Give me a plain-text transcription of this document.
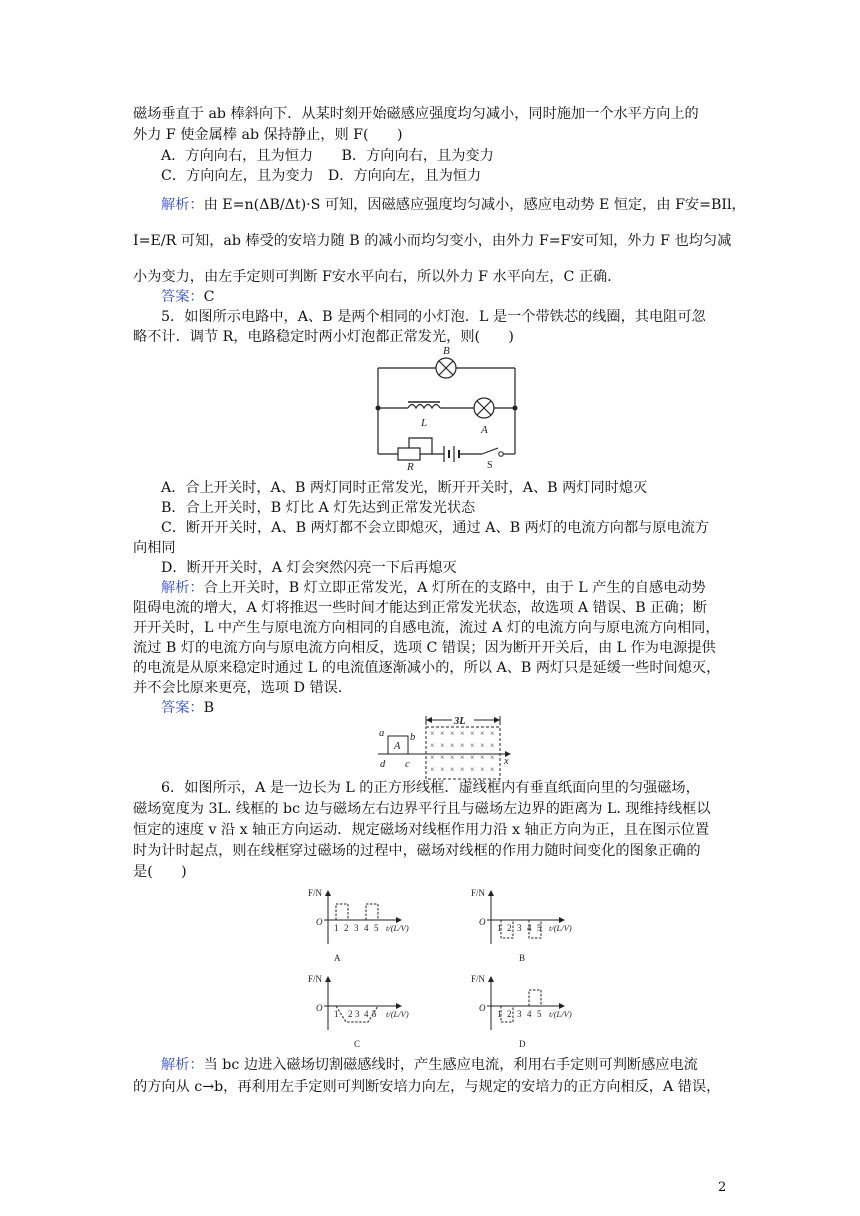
磁场垂直于 ab 棒斜向下．从某时刻开始磁感应强度均匀减小，同时施加一个水平方向上的
外力 F 使金属棒 ab 保持静止，则 F(　　)
A．方向向右，且为恒力　　B．方向向右，且为变力
C．方向向左，且为变力　D．方向向左，且为恒力
解析：由 E=n(ΔB/Δt)·S 可知，因磁感应强度均匀减小，感应电动势 E 恒定，由 F安=BIl，
I=E/R 可知，ab 棒受的安培力随 B 的减小而均匀变小，由外力 F=F安可知，外力 F 也均匀减
小为变力，由左手定则可判断 F安水平向右，所以外力 F 水平向左，C 正确．
答案：C
5．如图所示电路中，A、B 是两个相同的小灯泡．L 是一个带铁芯的线圈，其电阻可忽
略不计．调节 R，电路稳定时两小灯泡都正常发光，则(　　)
B
L
A
R	S
A．合上开关时，A、B 两灯同时正常发光，断开开关时，A、B 两灯同时熄灭
B．合上开关时，B 灯比 A 灯先达到正常发光状态
C．断开开关时，A、B 两灯都不会立即熄灭，通过 A、B 两灯的电流方向都与原电流方
向相同
D．断开开关时，A 灯会突然闪亮一下后再熄灭
解析：合上开关时，B 灯立即正常发光，A 灯所在的支路中，由于 L 产生的自感电动势
阻碍电流的增大，A 灯将推迟一些时间才能达到正常发光状态，故选项 A 错误、B 正确；断
开开关时，L 中产生与原电流方向相同的自感电流，流过 A 灯的电流方向与原电流方向相同，
流过 B 灯的电流方向与原电流方向相反，选项 C 错误；因为断开开关后，由 L 作为电源提供
的电流是从原来稳定时通过 L 的电流值逐渐减小的，所以 A、B 两灯只是延缓一些时间熄灭，
并不会比原来更亮，选项 D 错误．
答案：B
3L
a b
c
d
A
x
× × × × × × ×
× × × × × × ×
× × × × × × ×
× × × × × × ×
6．如图所示，A 是一边长为 L 的正方形线框．虚线框内有垂直纸面向里的匀强磁场，
磁场宽度为 3L. 线框的 bc 边与磁场左右边界平行且与磁场左边界的距离为 L. 现维持线框以
恒定的速度 v 沿 x 轴正方向运动．规定磁场对线框作用力沿 x 轴正方向为正，且在图示位置
时为计时起点，则在线框穿过磁场的过程中，磁场对线框的作用力随时间变化的图象正确的
是(　　)
F/N
O
1 2 3 4 5 t/(L/V)
A
F/N
O
1 2 3 4 5 t/(L/V)
B
F/N
O
1 2 3 4 5 t/(L/V)
C
F/N
O
1 2 3 4 5 t/(L/V)
D
解析：当 bc 边进入磁场切割磁感线时，产生感应电流，利用右手定则可判断感应电流
的方向从 c→b，再利用左手定则可判断安培力向左，与规定的安培力的正方向相反，A 错误，
2
